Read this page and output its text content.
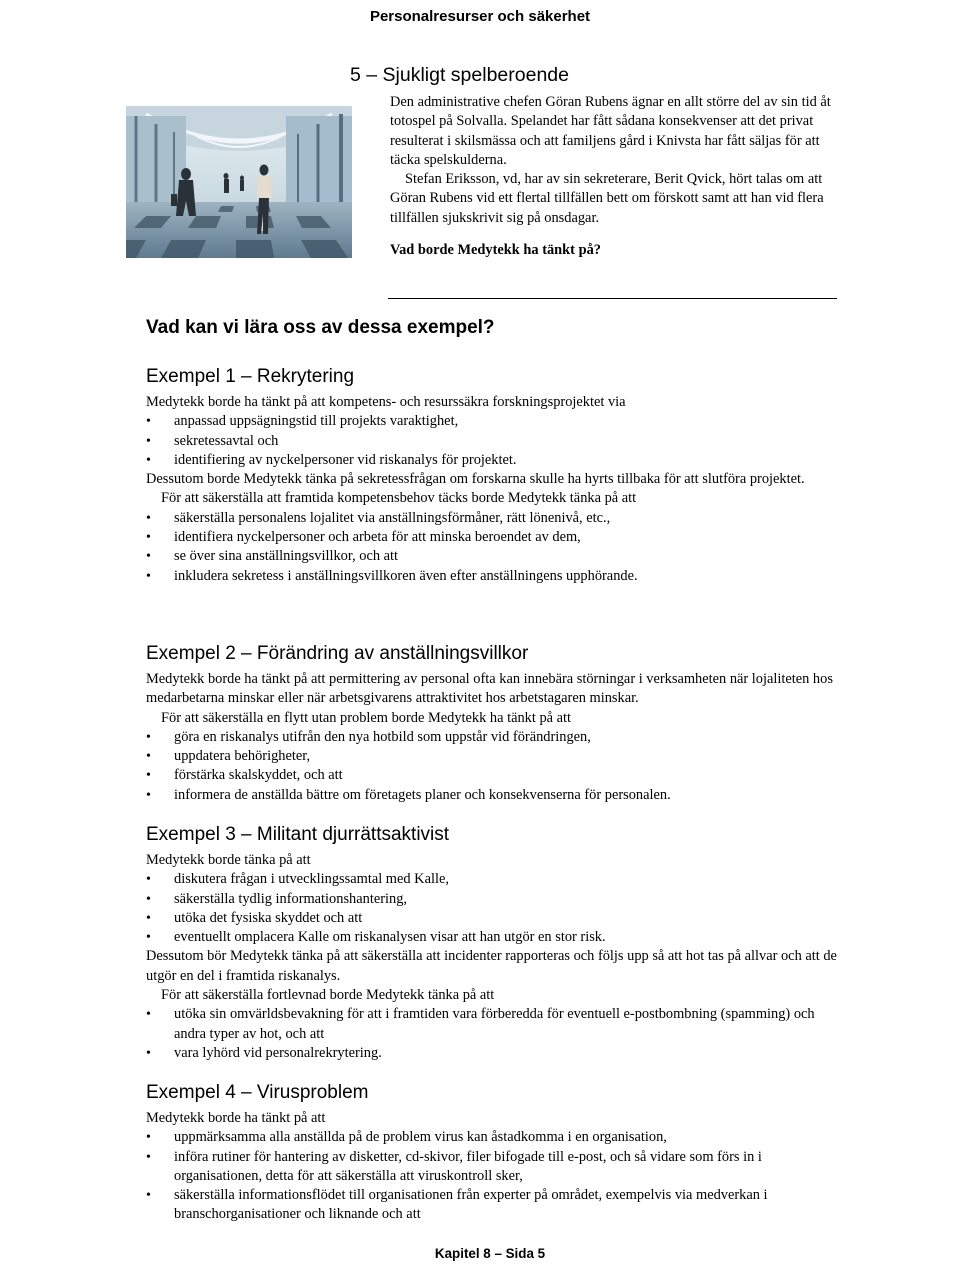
Personalresurser och säkerhet
5 – Sjukligt spelberoende

Den administrative chefen Göran Rubens ägnar en allt större del av sin tid åt totospel på Solvalla. Spelandet har fått sådana konsekvenser att det privat resulterat i skilsmässa och att familjens gård i Knivsta har fått säljas för att täcka spelskulderna.

Stefan Eriksson, vd, har av sin sekreterare, Berit Qvick, hört talas om att Göran Rubens vid ett flertal tillfällen bett om förskott samt att han vid flera tillfällen sjukskrivit sig på onsdagar.

Vad borde Medytekk ha tänkt på?
Vad kan vi lära oss av dessa exempel?
Exempel 1 – Rekrytering

Medytekk borde ha tänkt på att kompetens- och resurssäkra forskningsprojektet via

• anpassad uppsägningstid till projekts varaktighet,
• sekretessavtal och
• identifiering av nyckelpersoner vid riskanalys för projektet.

Dessutom borde Medytekk tänka på sekretessfrågan om forskarna skulle ha hyrts tillbaka för att slutföra projektet.

För att säkerställa att framtida kompetensbehov täcks borde Medytekk tänka på att

• säkerställa personalens lojalitet via anställningsförmåner, rätt lönenivå, etc.,
• identifiera nyckelpersoner och arbeta för att minska beroendet av dem,
• se över sina anställningsvillkor, och att
• inkludera sekretess i anställningsvillkoren även efter anställningens upphörande.
Exempel 2 – Förändring av anställningsvillkor

Medytekk borde ha tänkt på att permittering av personal ofta kan innebära störningar i verksamheten när lojaliteten hos medarbetarna minskar eller när arbetsgivarens attraktivitet hos arbetstagaren minskar.

För att säkerställa en flytt utan problem borde Medytekk ha tänkt på att

• göra en riskanalys utifrån den nya hotbild som uppstår vid förändringen,
• uppdatera behörigheter,
• förstärka skalskyddet, och att
• informera de anställda bättre om företagets planer och konsekvenserna för personalen.
Exempel 3 – Militant djurrättsaktivist

Medytekk borde tänka på att

• diskutera frågan i utvecklingssamtal med Kalle,
• säkerställa tydlig informationshantering,
• utöka det fysiska skyddet och att
• eventuellt omplacera Kalle om riskanalysen visar att han utgör en stor risk.

Dessutom bör Medytekk tänka på att säkerställa att incidenter rapporteras och följs upp så att hot tas på allvar och att de utgör en del i framtida riskanalys.

För att säkerställa fortlevnad borde Medytekk tänka på att

• utöka sin omvärldsbevakning för att i framtiden vara förberedda för eventuell e-postbombning (spamming) och andra typer av hot, och att
• vara lyhörd vid personalrekrytering.
Exempel 4 – Virusproblem

Medytekk borde ha tänkt på att

• uppmärksamma alla anställda på de problem virus kan åstadkomma i en organisation,
• införa rutiner för hantering av disketter, cd-skivor, filer bifogade till e-post, och så vidare som förs in i organisationen, detta för att säkerställa att viruskontroll sker,
• säkerställa informationsflödet till organisationen från experter på området, exempelvis via medverkan i branschorganisationer och liknande och att
Kapitel 8 – Sida 5
